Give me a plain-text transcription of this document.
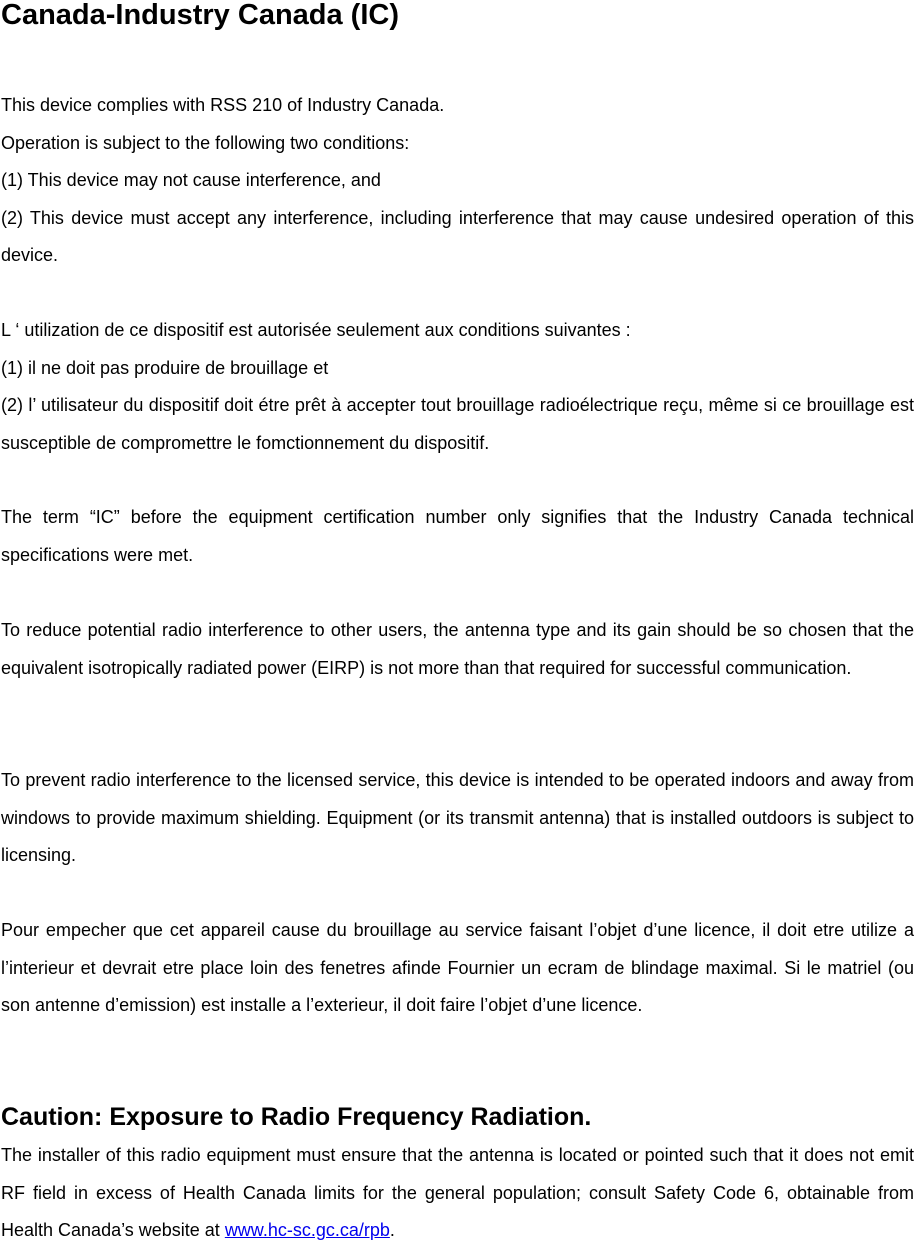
Canada-Industry Canada (IC)
This device complies with RSS 210 of Industry Canada.
Operation is subject to the following two conditions:
(1) This device may not cause interference, and
(2) This device must accept any interference, including interference that may cause undesired operation of this device.
L ‘ utilization de ce dispositif est autorisée seulement aux conditions suivantes :
(1) il ne doit pas produire de brouillage et
(2) l’ utilisateur du dispositif doit étre prêt à accepter tout brouillage radioélectrique reçu, même si ce brouillage est susceptible de compromettre le fomctionnement du dispositif.

The term “IC” before the equipment certification number only signifies that the Industry Canada technical specifications were met.

To reduce potential radio interference to other users, the antenna type and its gain should be so chosen that the equivalent isotropically radiated power (EIRP) is not more than that required for successful communication.

To prevent radio interference to the licensed service, this device is intended to be operated indoors and away from windows to provide maximum shielding. Equipment (or its transmit antenna) that is installed outdoors is subject to licensing.

Pour empecher que cet appareil cause du brouillage au service faisant l’objet d’une licence, il doit etre utilize a l’interieur et devrait etre place loin des fenetres afinde Fournier un ecram de blindage maximal. Si le matriel (ou son antenne d’emission) est installe a l’exterieur, il doit faire l’objet d’une licence.

Caution: Exposure to Radio Frequency Radiation.

The installer of this radio equipment must ensure that the antenna is located or pointed such that it does not emit RF field in excess of Health Canada limits for the general population; consult Safety Code 6, obtainable from Health Canada’s website at www.hc-sc.gc.ca/rpb.
